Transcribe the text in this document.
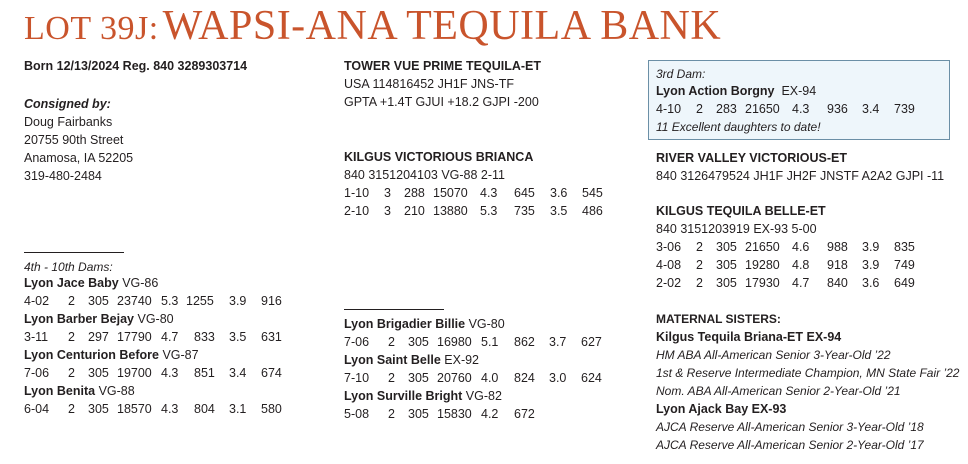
LOT 39J: WAPSI-ANA TEQUILA BANK
Born 12/13/2024 Reg. 840 3289303714
Consigned by:
Doug Fairbanks
20755 90th Street
Anamosa, IA 52205
319-480-2484
4th - 10th Dams:
Lyon Jace Baby VG-86
4-02 2 305 23740 5.3 1255 3.9 916
Lyon Barber Bejay VG-80
3-11 2 297 17790 4.7 833 3.5 631
Lyon Centurion Before VG-87
7-06 2 305 19700 4.3 851 3.4 674
Lyon Benita VG-88
6-04 2 305 18570 4.3 804 3.1 580
TOWER VUE PRIME TEQUILA-ET
USA 114816452 JH1F JNS-TF
GPTA +1.4T GJUI +18.2 GJPI -200
KILGUS VICTORIOUS BRIANCA
840 3151204103 VG-88 2-11
1-10 3 288 15070 4.3 645 3.6 545
2-10 3 210 13880 5.3 735 3.5 486
Lyon Brigadier Billie VG-80
7-06 2 305 16980 5.1 862 3.7 627
Lyon Saint Belle EX-92
7-10 2 305 20760 4.0 824 3.0 624
Lyon Surville Bright VG-82
5-08 2 305 15830 4.2 672
3rd Dam:
Lyon Action Borgny EX-94
4-10 2 283 21650 4.3 936 3.4 739
11 Excellent daughters to date!
RIVER VALLEY VICTORIOUS-ET
840 3126479524 JH1F JH2F JNSTF A2A2 GJPI -11
KILGUS TEQUILA BELLE-ET
840 3151203919 EX-93 5-00
3-06 2 305 21650 4.6 988 3.9 835
4-08 2 305 19280 4.8 918 3.9 749
2-02 2 305 17930 4.7 840 3.6 649
MATERNAL SISTERS:
Kilgus Tequila Briana-ET EX-94
HM ABA All-American Senior 3-Year-Old ’22
1st & Reserve Intermediate Champion, MN State Fair ’22
Nom. ABA All-American Senior 2-Year-Old ’21
Lyon Ajack Bay EX-93
AJCA Reserve All-American Senior 3-Year-Old ’18
AJCA Reserve All-American Senior 2-Year-Old ’17
